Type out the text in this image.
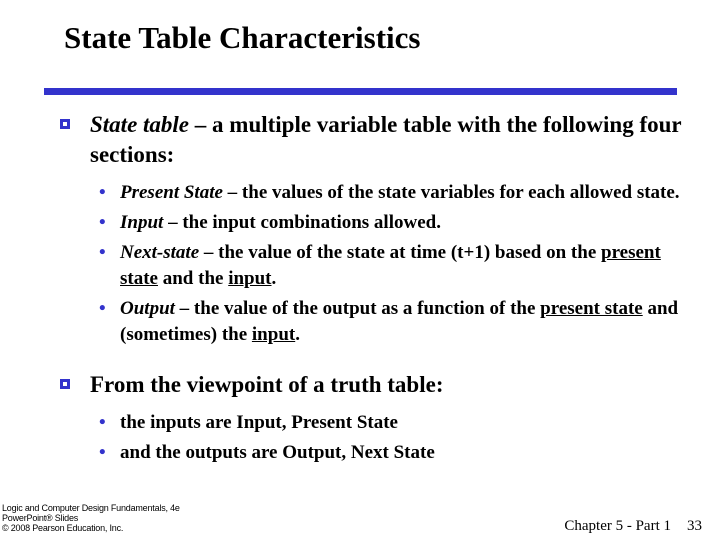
State Table Characteristics
State table – a multiple variable table with the following four sections:
• Present State – the values of the state variables for each allowed state.
• Input – the input combinations allowed.
• Next-state – the value of the state at time (t+1) based on the present state and the input.
• Output – the value of the output as a function of the present state and (sometimes) the input.
From the viewpoint of a truth table:
• the inputs are Input, Present State
• and the outputs are Output, Next State
Logic and Computer Design Fundamentals, 4e
PowerPoint® Slides
© 2008 Pearson Education, Inc.	Chapter 5 - Part 1 33
